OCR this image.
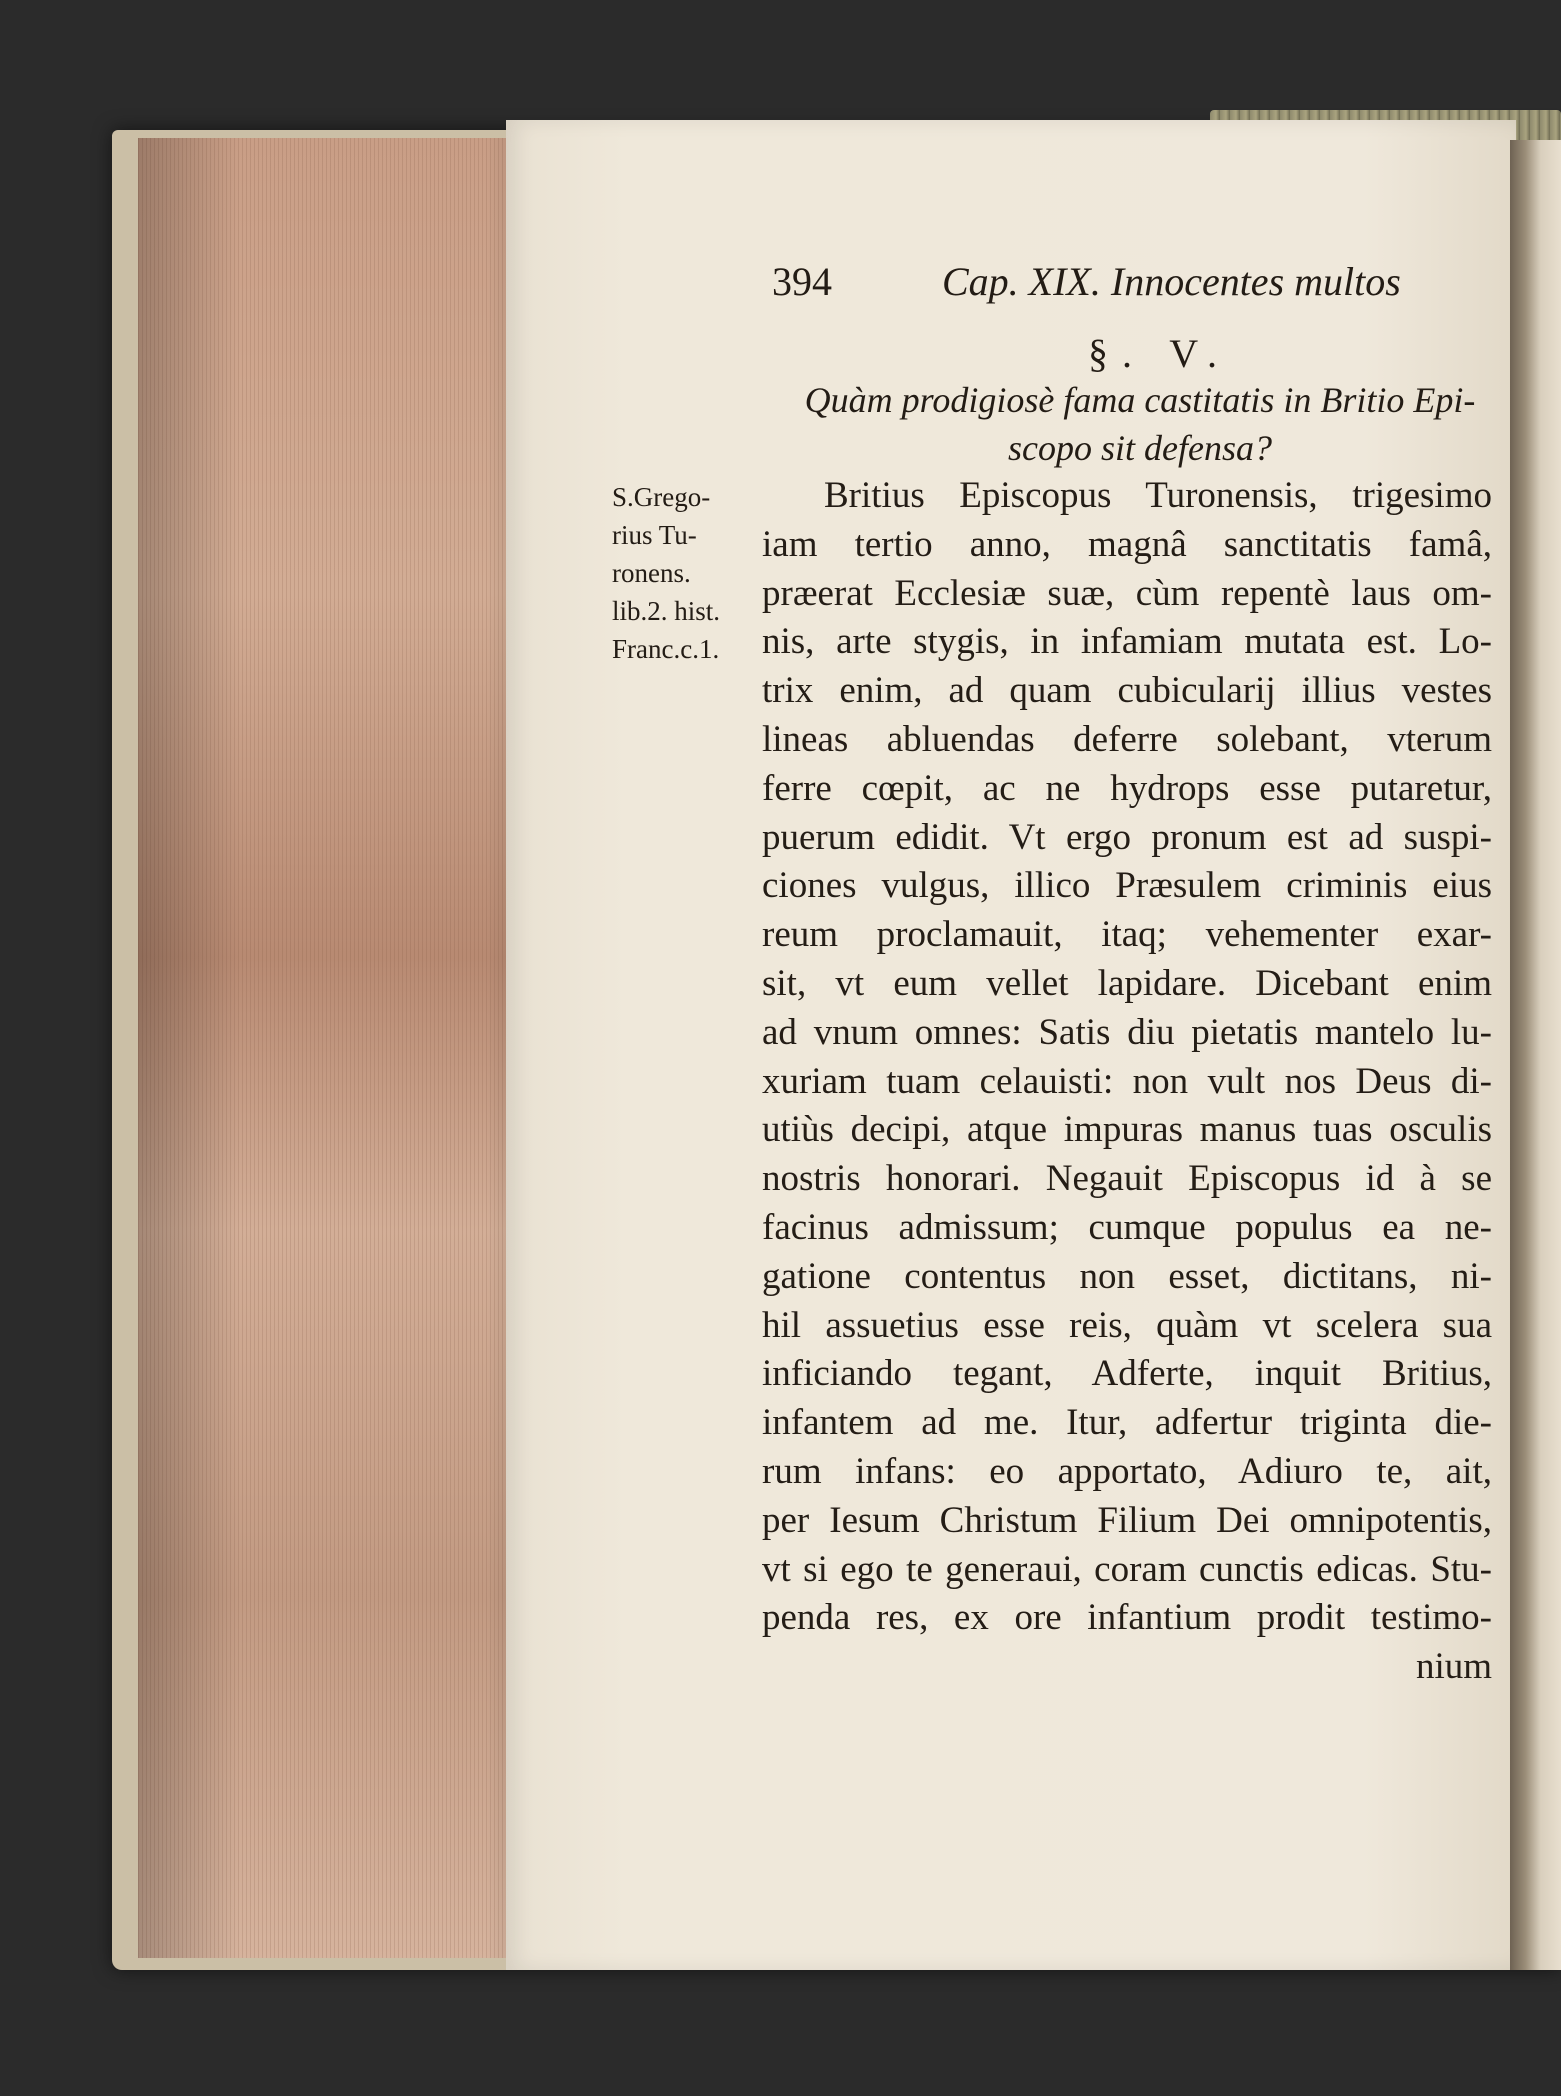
394	Cap. XIX. Innocentes multos
§. V.
Quàm prodigiosè fama castitatis in Britio Epi-
scopo sit defensa?
S.Grego-
rius Tu-
ronens.
lib.2. hist.
Franc.c.1.
Britius Episcopus Turonensis, trigesimo
iam tertio anno, magnâ sanctitatis famâ,
præerat Ecclesiæ suæ, cùm repentè laus om-
nis, arte stygis, in infamiam mutata est. Lo-
trix enim, ad quam cubicularij illius vestes
lineas abluendas deferre solebant, vterum
ferre cœpit, ac ne hydrops esse putaretur,
puerum edidit. Vt ergo pronum est ad suspi-
ciones vulgus, illico Præsulem criminis eius
reum proclamauit, itaq; vehementer exar-
sit, vt eum vellet lapidare. Dicebant enim
ad vnum omnes: Satis diu pietatis mantelo lu-
xuriam tuam celauisti: non vult nos Deus di-
utiùs decipi, atque impuras manus tuas osculis
nostris honorari. Negauit Episcopus id à se
facinus admissum; cumque populus ea ne-
gatione contentus non esset, dictitans, ni-
hil assuetius esse reis, quàm vt scelera sua
inficiando tegant, Adferte, inquit Britius,
infantem ad me. Itur, adfertur triginta die-
rum infans: eo apportato, Adiuro te, ait,
per Iesum Christum Filium Dei omnipotentis,
vt si ego te generaui, coram cunctis edicas. Stu-
penda res, ex ore infantium prodit testimo-
nium
